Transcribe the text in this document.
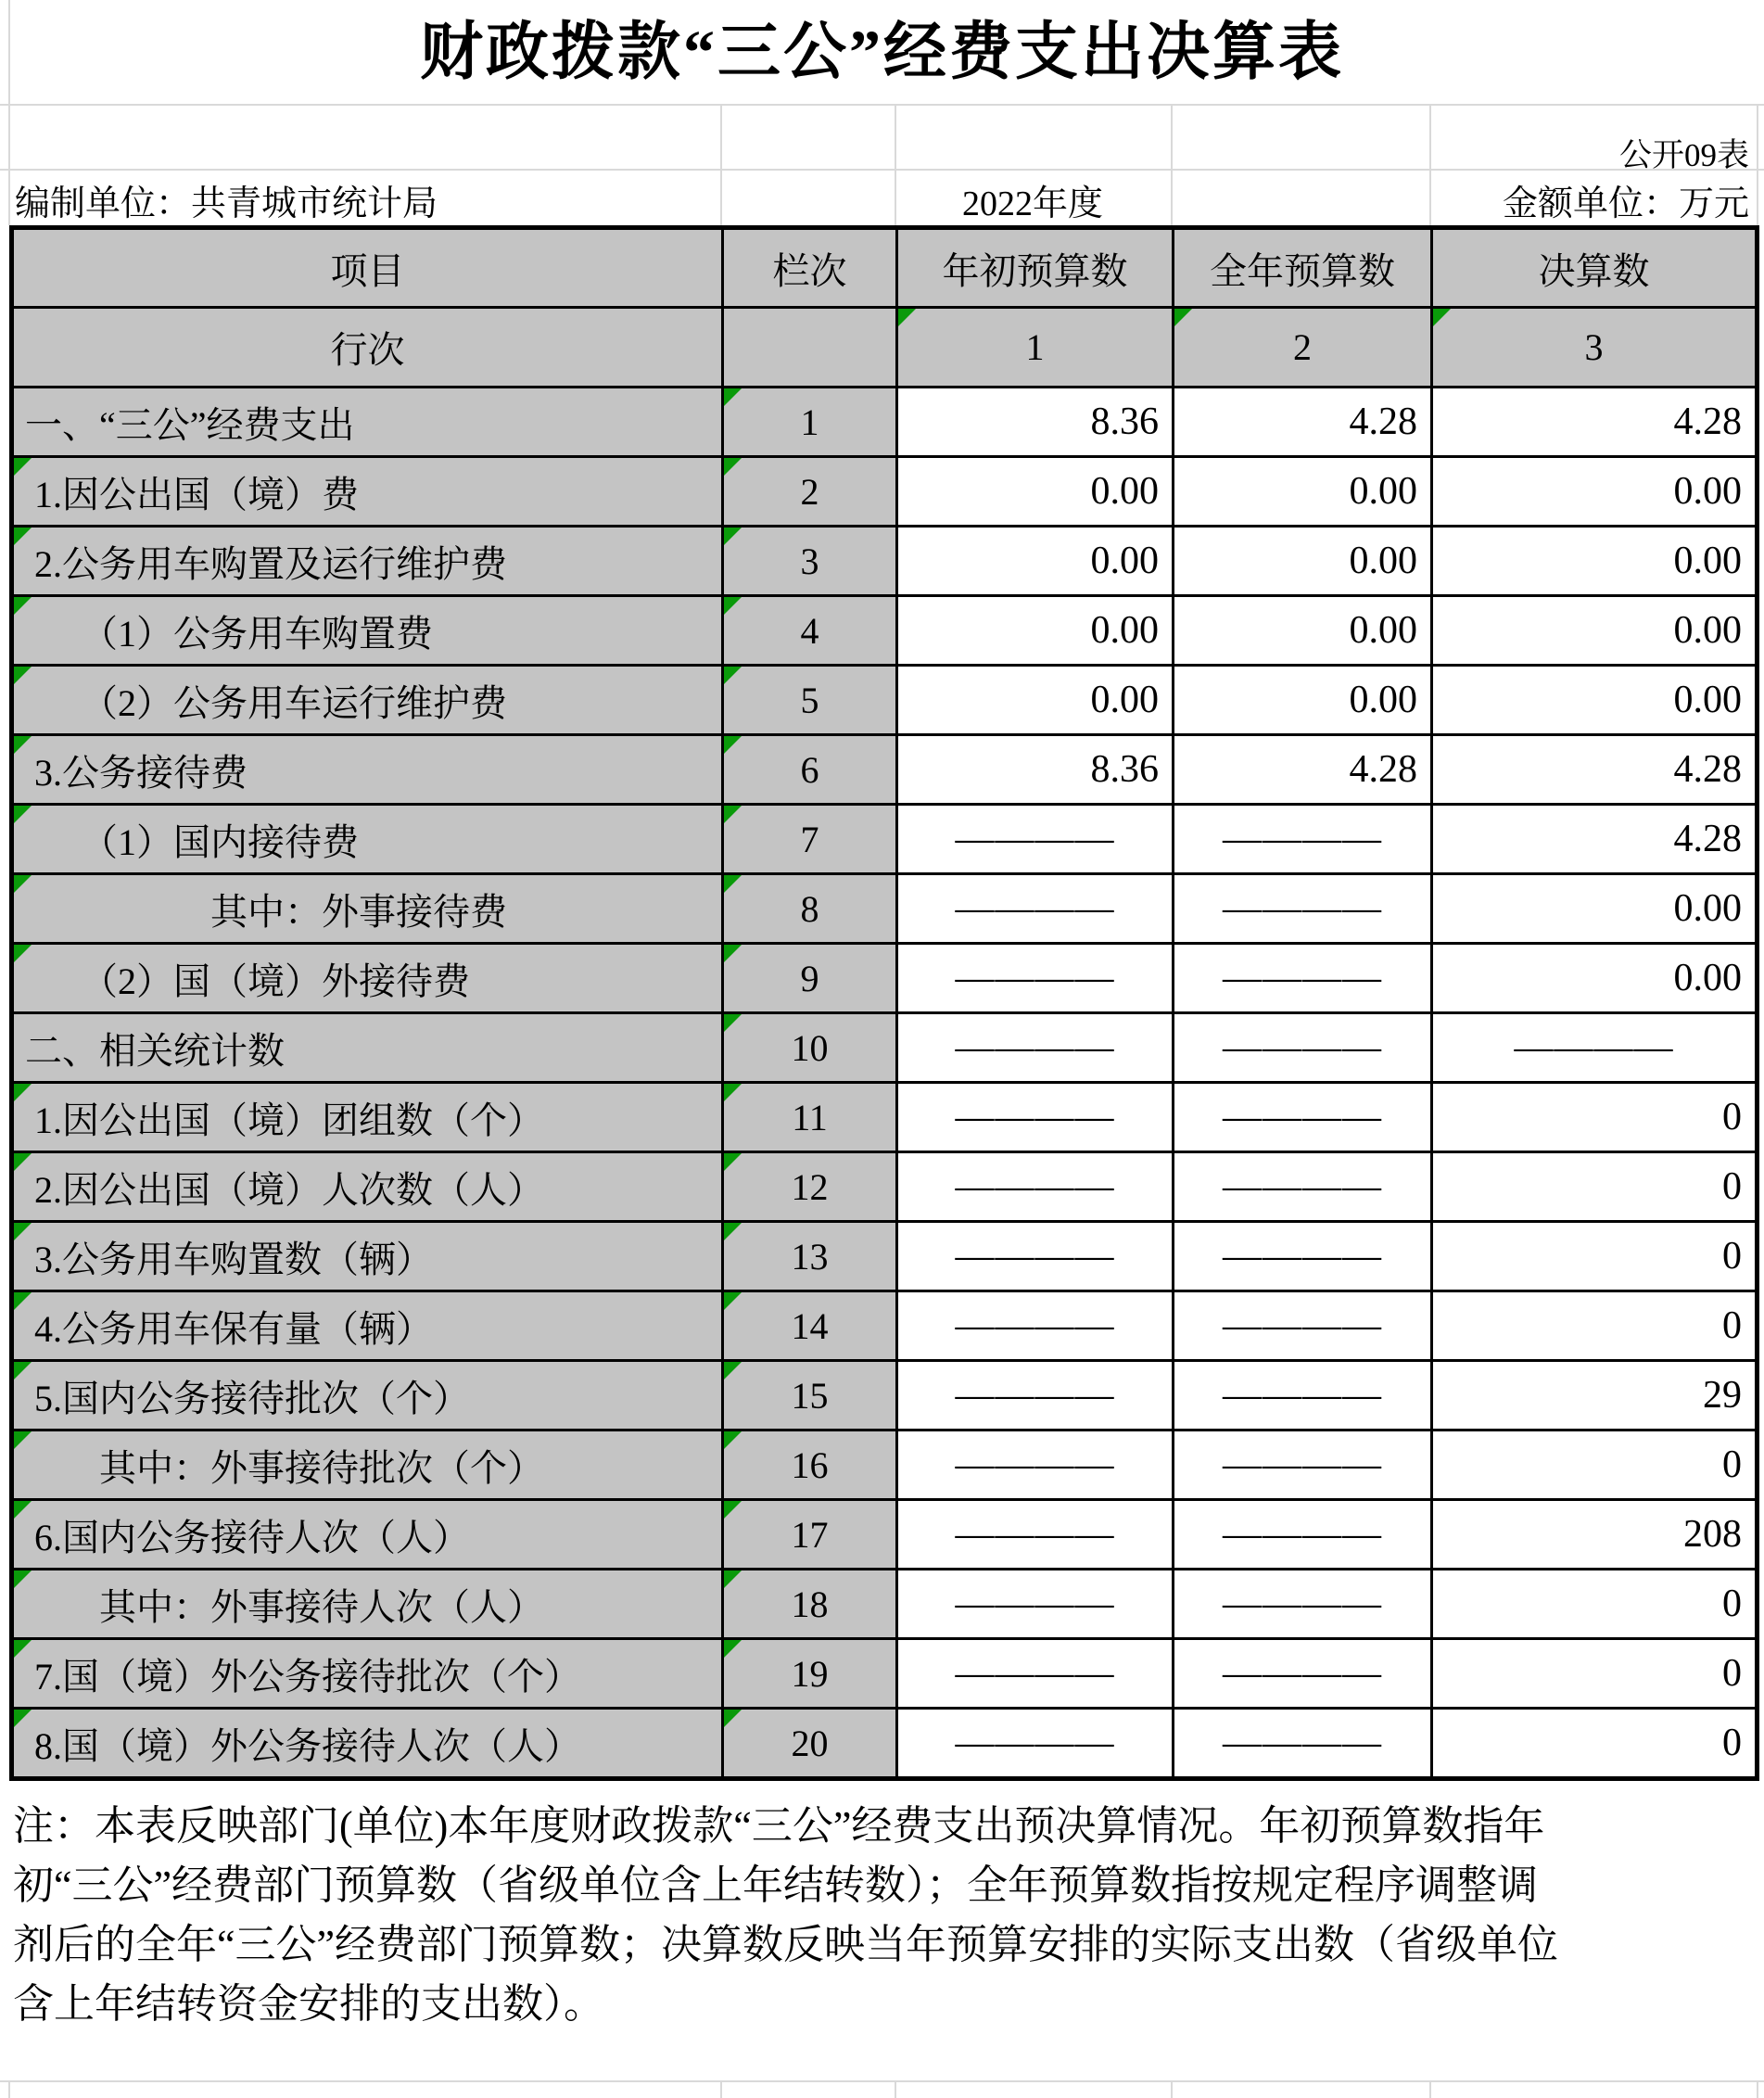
财政拨款“三公”经费支出决算表
公开09表
编制单位：共青城市统计局	2022年度	金额单位：万元
项目	栏次	年初预算数	全年预算数	决算数
行次		1	2	3
一、“三公”经费支出	1	8.36	4.28	4.28

1.因公出国（境）费	2	0.00	0.00	0.00

2.公务用车购置及运行维护费	3	0.00	0.00	0.00

　　（1）公务用车购置费	4	0.00	0.00	0.00

　　（2）公务用车运行维护费	5	0.00	0.00	0.00

3.公务接待费	6	8.36	4.28	4.28

　　（1）国内接待费	7	————	————	4.28

　　　　　其中：外事接待费	8	————	————	0.00

　　（2）国（境）外接待费	9	————	————	0.00
二、相关统计数	10	————	————	————

1.因公出国（境）团组数（个）	11	————	————	0

2.因公出国（境）人次数（人）	12	————	————	0

3.公务用车购置数（辆）	13	————	————	0

4.公务用车保有量（辆）	14	————	————	0

5.国内公务接待批次（个）	15	————	————	29

　　其中：外事接待批次（个）	16	————	————	0

6.国内公务接待人次（人）	17	————	————	208

　　其中：外事接待人次（人）	18	————	————	0

7.国（境）外公务接待批次（个）	19	————	————	0

8.国（境）外公务接待人次（人）	20	————	————	0
注：本表反映部门(单位)本年度财政拨款“三公”经费支出预决算情况。年初预算数指年
初“三公”经费部门预算数（省级单位含上年结转数）；全年预算数指按规定程序调整调
剂后的全年“三公”经费部门预算数；决算数反映当年预算安排的实际支出数（省级单位
含上年结转资金安排的支出数）。
